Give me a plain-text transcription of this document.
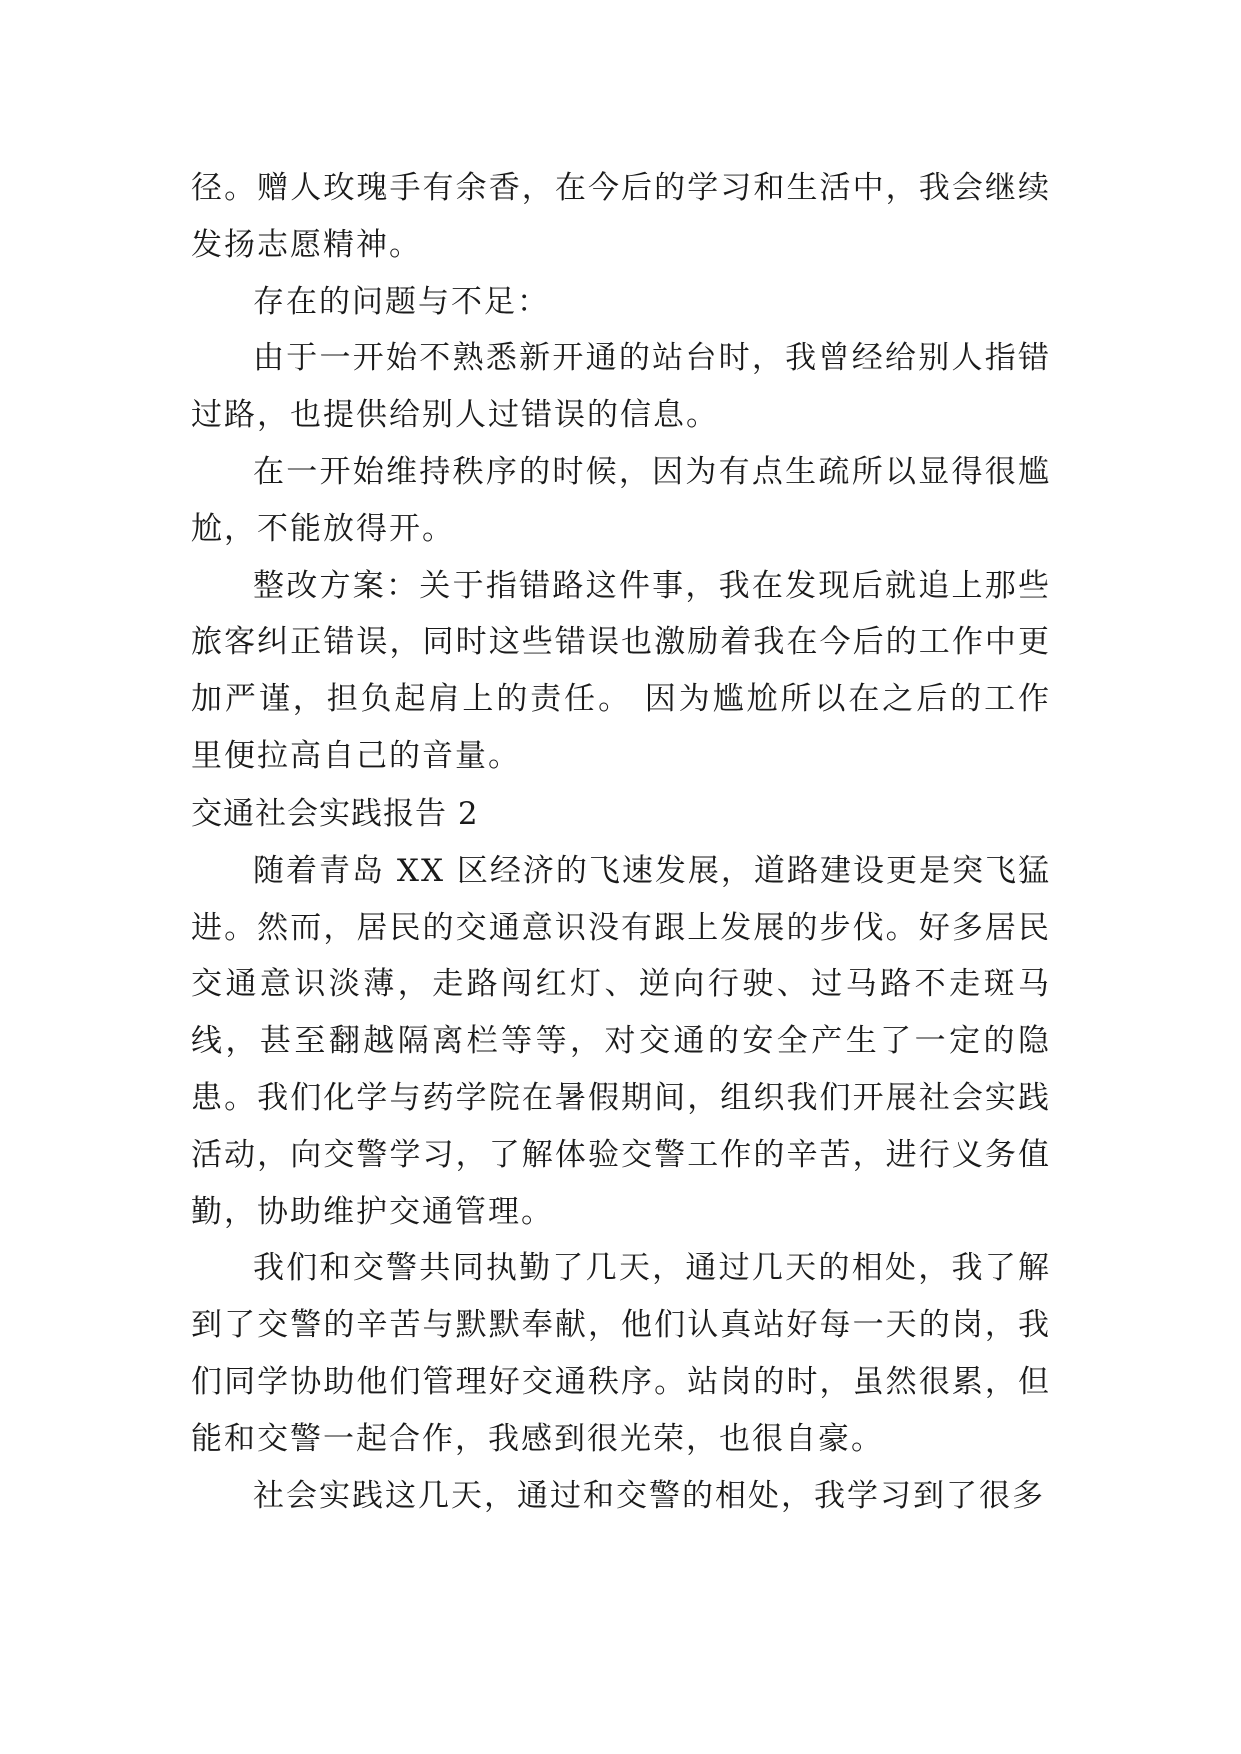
径。赠人玫瑰手有余香，在今后的学习和生活中，我会继续发扬志愿精神。

存在的问题与不足：

由于一开始不熟悉新开通的站台时，我曾经给别人指错过路，也提供给别人过错误的信息。

在一开始维持秩序的时候，因为有点生疏所以显得很尴尬，不能放得开。

整改方案：关于指错路这件事，我在发现后就追上那些旅客纠正错误，同时这些错误也激励着我在今后的工作中更加严谨，担负起肩上的责任。 因为尴尬所以在之后的工作里便拉高自己的音量。

交通社会实践报告 2

随着青岛 XX 区经济的飞速发展，道路建设更是突飞猛进。然而，居民的交通意识没有跟上发展的步伐。好多居民交通意识淡薄，走路闯红灯、逆向行驶、过马路不走斑马线，甚至翻越隔离栏等等，对交通的安全产生了一定的隐患。我们化学与药学院在暑假期间，组织我们开展社会实践活动，向交警学习，了解体验交警工作的辛苦，进行义务值勤，协助维护交通管理。

我们和交警共同执勤了几天，通过几天的相处，我了解到了交警的辛苦与默默奉献，他们认真站好每一天的岗，我们同学协助他们管理好交通秩序。站岗的时，虽然很累，但能和交警一起合作，我感到很光荣，也很自豪。

社会实践这几天，通过和交警的相处，我学习到了很多
